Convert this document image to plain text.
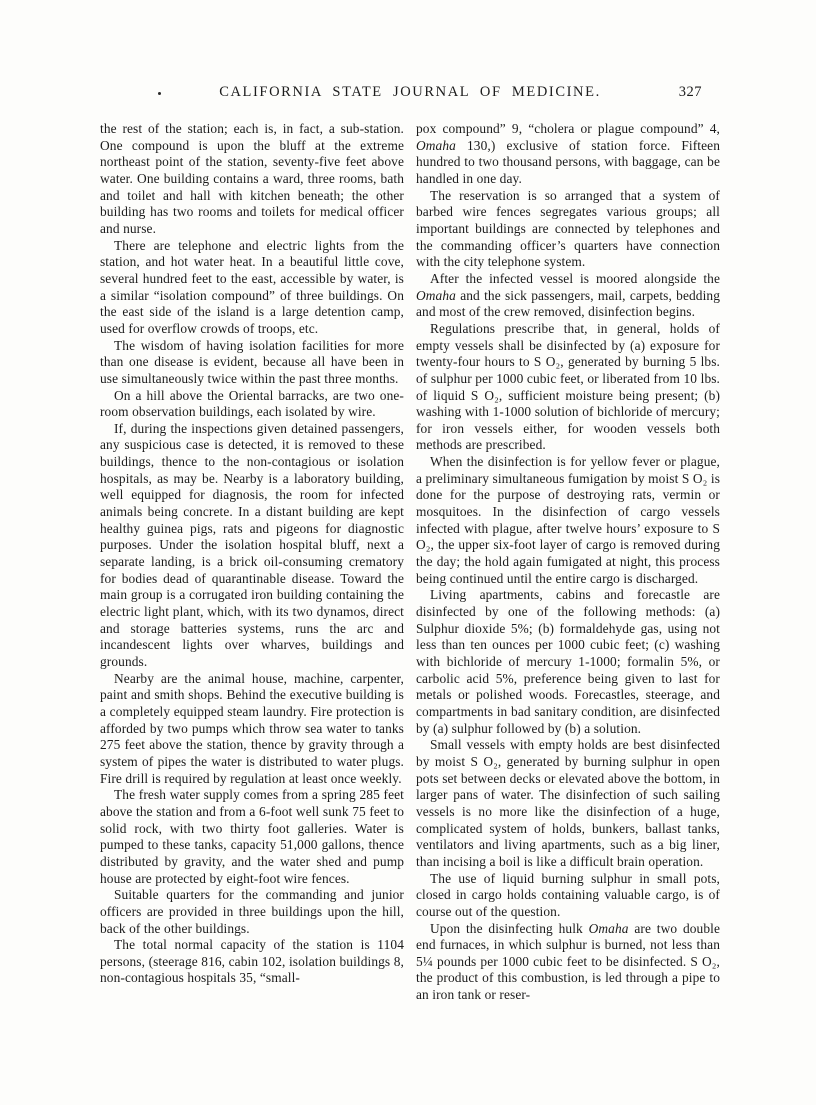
CALIFORNIA STATE JOURNAL OF MEDICINE.	327

the rest of the station; each is, in fact, a sub-station. One compound is upon the bluff at the extreme northeast point of the station, seventy-five feet above water. One building contains a ward, three rooms, bath and toilet and hall with kitchen beneath; the other building has two rooms and toilets for medical officer and nurse.

There are telephone and electric lights from the station, and hot water heat. In a beautiful little cove, several hundred feet to the east, accessible by water, is a similar “isolation compound” of three buildings. On the east side of the island is a large detention camp, used for overflow crowds of troops, etc.

The wisdom of having isolation facilities for more than one disease is evident, because all have been in use simultaneously twice within the past three months.

On a hill above the Oriental barracks, are two one-room observation buildings, each isolated by wire.

If, during the inspections given detained passengers, any suspicious case is detected, it is removed to these buildings, thence to the non-contagious or isolation hospitals, as may be. Nearby is a laboratory building, well equipped for diagnosis, the room for infected animals being concrete. In a distant building are kept healthy guinea pigs, rats and pigeons for diagnostic purposes. Under the isolation hospital bluff, next a separate landing, is a brick oil-consuming crematory for bodies dead of quarantinable disease. Toward the main group is a corrugated iron building containing the electric light plant, which, with its two dynamos, direct and storage batteries systems, runs the arc and incandescent lights over wharves, buildings and grounds.

Nearby are the animal house, machine, carpenter, paint and smith shops. Behind the executive building is a completely equipped steam laundry. Fire protection is afforded by two pumps which throw sea water to tanks 275 feet above the station, thence by gravity through a system of pipes the water is distributed to water plugs. Fire drill is required by regulation at least once weekly.

The fresh water supply comes from a spring 285 feet above the station and from a 6-foot well sunk 75 feet to solid rock, with two thirty foot galleries. Water is pumped to these tanks, capacity 51,000 gallons, thence distributed by gravity, and the water shed and pump house are protected by eight-foot wire fences.

Suitable quarters for the commanding and junior officers are provided in three buildings upon the hill, back of the other buildings.

The total normal capacity of the station is 1104 persons, (steerage 816, cabin 102, isolation buildings 8, non-contagious hospitals 35, “small-

pox compound” 9, “cholera or plague compound” 4, Omaha 130,) exclusive of station force. Fifteen hundred to two thousand persons, with baggage, can be handled in one day.

The reservation is so arranged that a system of barbed wire fences segregates various groups; all important buildings are connected by telephones and the commanding officer’s quarters have connection with the city telephone system.

After the infected vessel is moored alongside the Omaha and the sick passengers, mail, carpets, bedding and most of the crew removed, disinfection begins.

Regulations prescribe that, in general, holds of empty vessels shall be disinfected by (a) exposure for twenty-four hours to S O₂, generated by burning 5 lbs. of sulphur per 1000 cubic feet, or liberated from 10 lbs. of liquid S O₂, sufficient moisture being present; (b) washing with 1-1000 solution of bichloride of mercury; for iron vessels either, for wooden vessels both methods are prescribed.

When the disinfection is for yellow fever or plague, a preliminary simultaneous fumigation by moist S O₂ is done for the purpose of destroying rats, vermin or mosquitoes. In the disinfection of cargo vessels infected with plague, after twelve hours’ exposure to S O₂, the upper six-foot layer of cargo is removed during the day; the hold again fumigated at night, this process being continued until the entire cargo is discharged.

Living apartments, cabins and forecastle are disinfected by one of the following methods: (a) Sulphur dioxide 5%; (b) formaldehyde gas, using not less than ten ounces per 1000 cubic feet; (c) washing with bichloride of mercury 1-1000; formalin 5%, or carbolic acid 5%, preference being given to last for metals or polished woods. Forecastles, steerage, and compartments in bad sanitary condition, are disinfected by (a) sulphur followed by (b) a solution.

Small vessels with empty holds are best disinfected by moist S O₂, generated by burning sulphur in open pots set between decks or elevated above the bottom, in larger pans of water. The disinfection of such sailing vessels is no more like the disinfection of a huge, complicated system of holds, bunkers, ballast tanks, ventilators and living apartments, such as a big liner, than incising a boil is like a difficult brain operation.

The use of liquid burning sulphur in small pots, closed in cargo holds containing valuable cargo, is of course out of the question.

Upon the disinfecting hulk Omaha are two double end furnaces, in which sulphur is burned, not less than 5¼ pounds per 1000 cubic feet to be disinfected. S O₂, the product of this combustion, is led through a pipe to an iron tank or reser-
